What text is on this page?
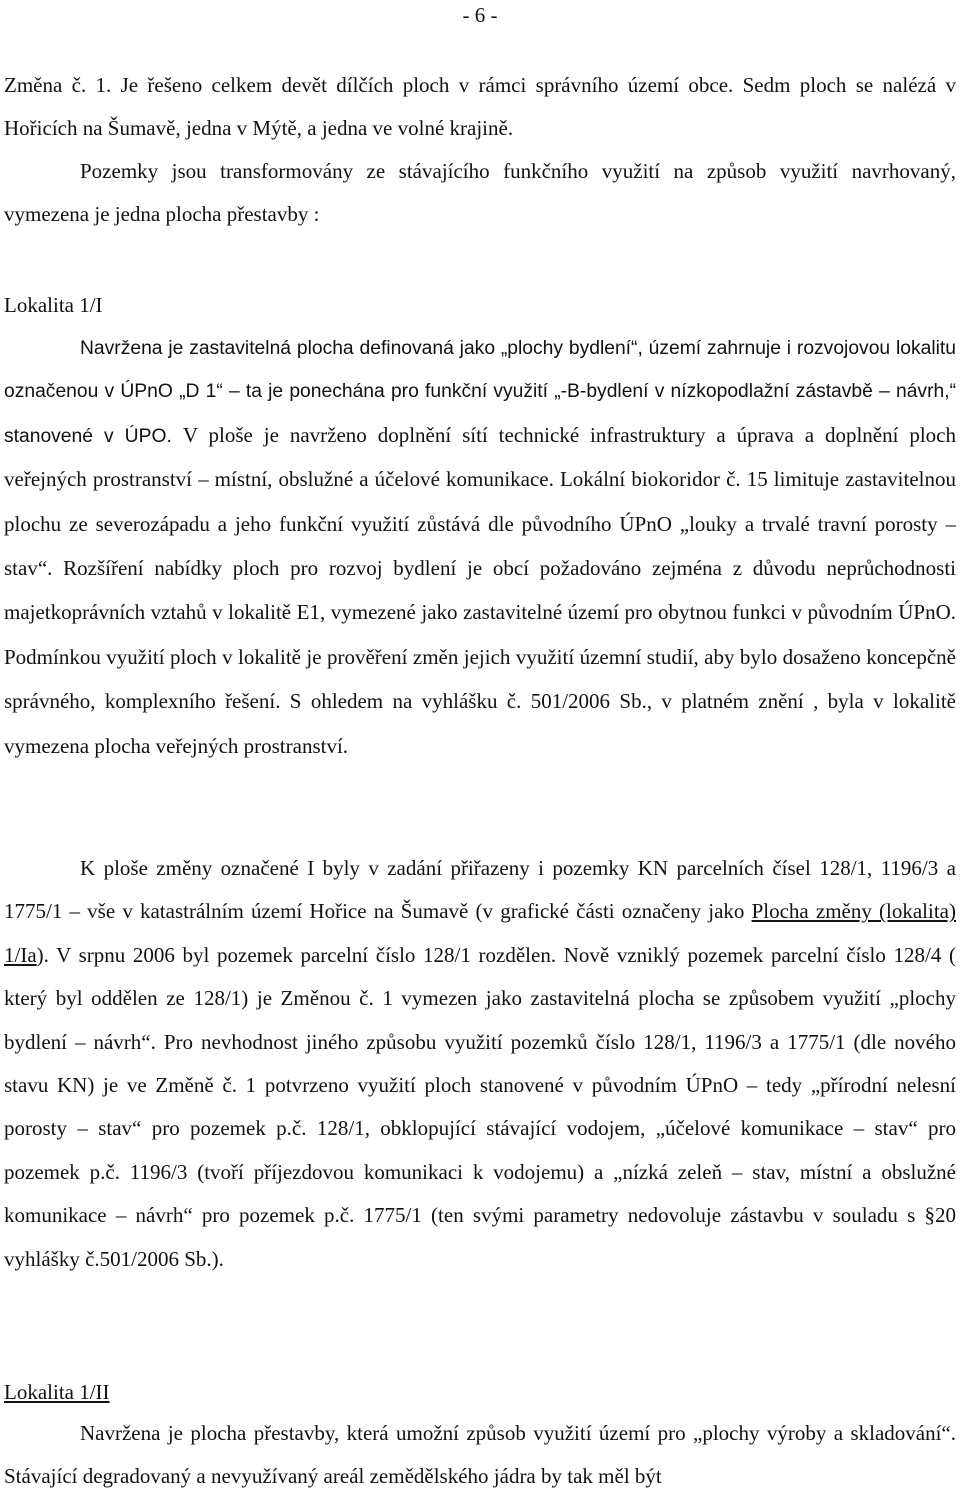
- 6 -

Změna č. 1. Je řešeno celkem devět dílčích ploch v rámci správního území obce. Sedm ploch se nalézá v Hořicích na Šumavě, jedna v Mýtě, a jedna ve volné krajině.

Pozemky jsou transformovány ze stávajícího funkčního využití na způsob využití navrhovaný, vymezena je jedna plocha přestavby :

Lokalita 1/I

Navržena je zastavitelná plocha definovaná jako „plochy bydlení“, území zahrnuje i rozvojovou lokalitu označenou v ÚPnO „D 1“ – ta je ponechána pro funkční využití „-B-bydlení v nízkopodlažní zástavbě – návrh,“ stanovené v ÚPO. V ploše je navrženo doplnění sítí technické infrastruktury a úprava a doplnění ploch veřejných prostranství – místní, obslužné a účelové komunikace. Lokální biokoridor č. 15 limituje zastavitelnou plochu ze severozápadu a jeho funkční využití zůstává dle původního ÚPnO „louky a trvalé travní porosty – stav“. Rozšíření nabídky ploch pro rozvoj bydlení je obcí požadováno zejména z důvodu neprůchodnosti majetkoprávních vztahů v lokalitě E1, vymezené jako zastavitelné území pro obytnou funkci v původním ÚPnO. Podmínkou využití ploch v lokalitě je prověření změn jejich využití územní studií, aby bylo dosaženo koncepčně správného, komplexního řešení. S ohledem na vyhlášku č. 501/2006 Sb., v platném znění , byla v lokalitě vymezena plocha veřejných prostranství.

K ploše změny označené I byly v zadání přiřazeny i pozemky KN parcelních čísel 128/1, 1196/3 a 1775/1 – vše v katastrálním území Hořice na Šumavě (v grafické části označeny jako Plocha změny (lokalita) 1/Ia). V srpnu 2006 byl pozemek parcelní číslo 128/1 rozdělen. Nově vzniklý pozemek parcelní číslo 128/4 ( který byl oddělen ze 128/1) je Změnou č. 1 vymezen jako zastavitelná plocha se způsobem využití „plochy bydlení – návrh“. Pro nevhodnost jiného způsobu využití pozemků číslo 128/1, 1196/3 a 1775/1 (dle nového stavu KN) je ve Změně č. 1 potvrzeno využití ploch stanovené v původním ÚPnO – tedy „přírodní nelesní porosty – stav“ pro pozemek p.č. 128/1, obklopující stávající vodojem, „účelové komunikace – stav“ pro pozemek p.č. 1196/3 (tvoří příjezdovou komunikaci k vodojemu) a „nízká zeleň – stav, místní a obslužné komunikace – návrh“ pro pozemek p.č. 1775/1 (ten svými parametry nedovoluje zástavbu v souladu s §20 vyhlášky č.501/2006 Sb.).

Lokalita 1/II

Navržena je plocha přestavby, která umožní způsob využití území pro „plochy výroby a skladování“. Stávající degradovaný a nevyužívaný areál zemědělského jádra by tak měl být
